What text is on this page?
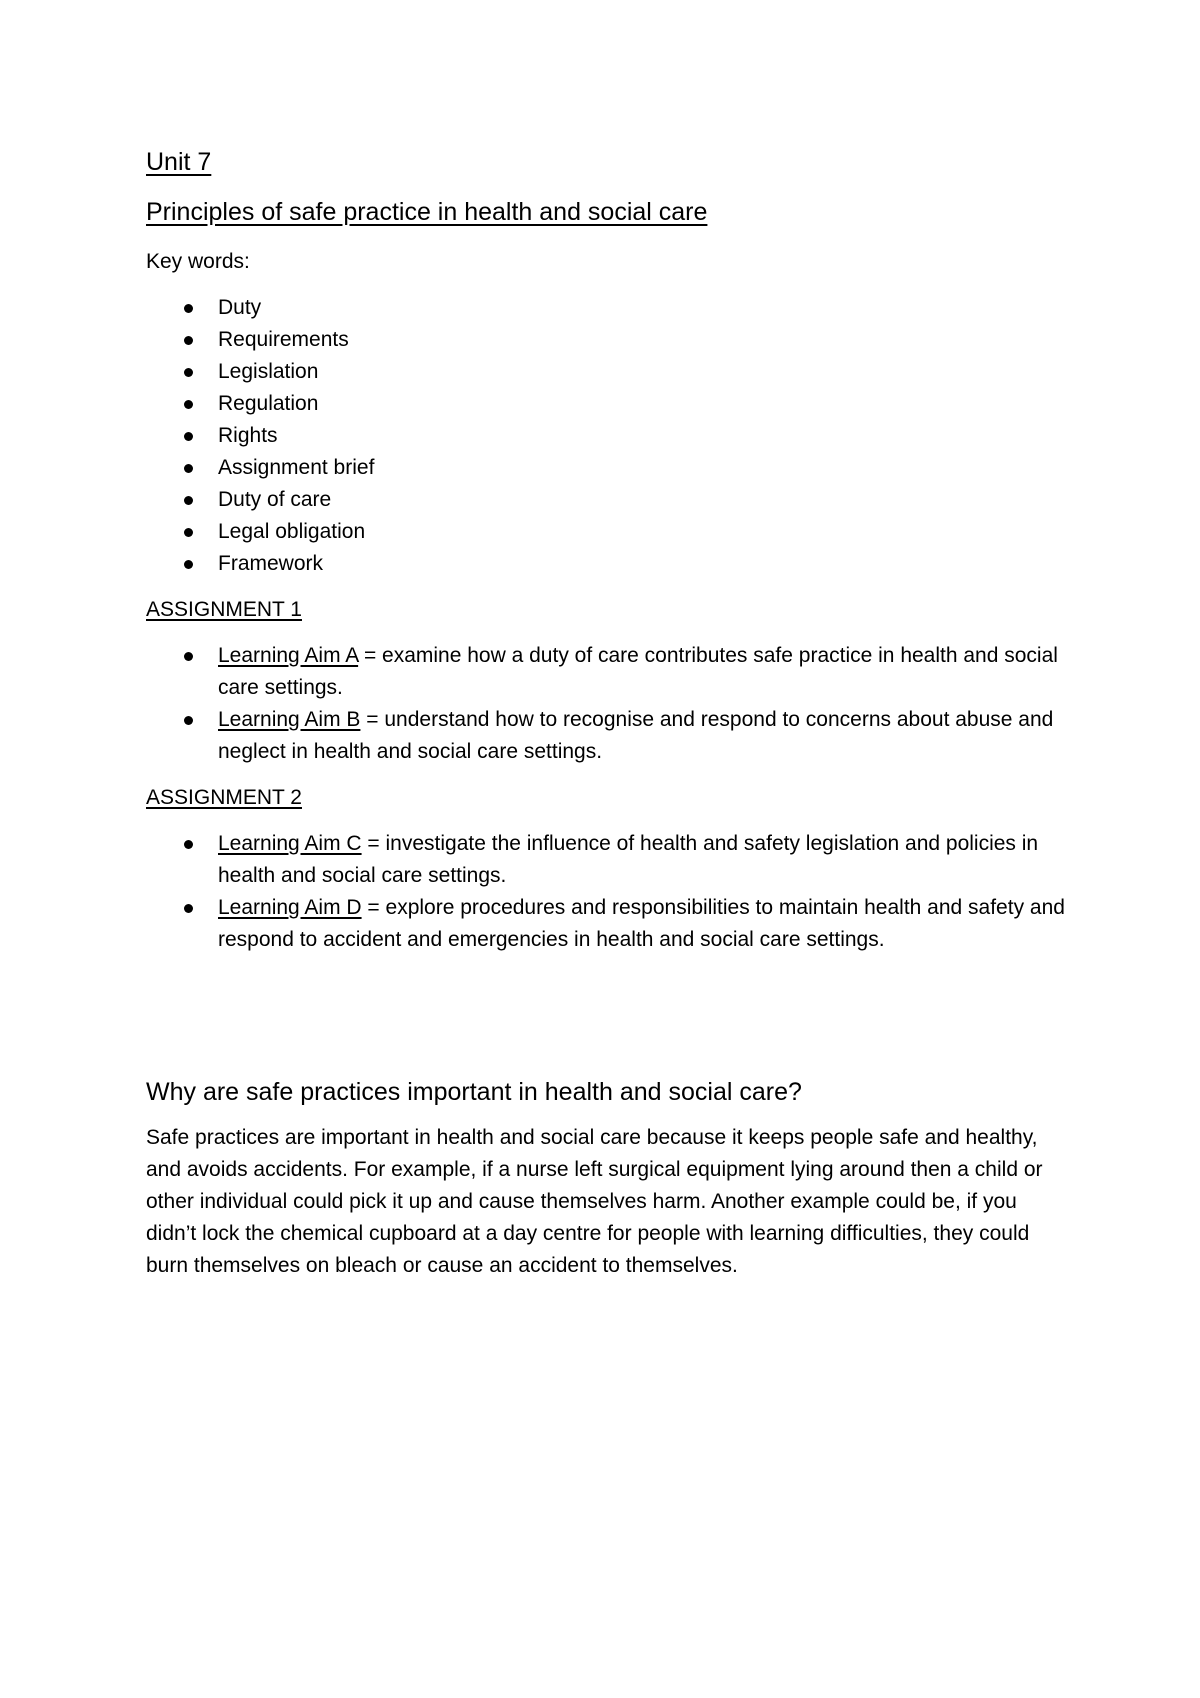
Unit 7
Principles of safe practice in health and social care

Key words:

Duty
Requirements
Legislation
Regulation
Rights
Assignment brief
Duty of care
Legal obligation
Framework

ASSIGNMENT 1

Learning Aim A = examine how a duty of care contributes safe practice in health and social care settings.
Learning Aim B = understand how to recognise and respond to concerns about abuse and neglect in health and social care settings.

ASSIGNMENT 2

Learning Aim C = investigate the influence of health and safety legislation and policies in health and social care settings.
Learning Aim D = explore procedures and responsibilities to maintain health and safety and respond to accident and emergencies in health and social care settings.
Why are safe practices important in health and social care?

Safe practices are important in health and social care because it keeps people safe and healthy, and avoids accidents. For example, if a nurse left surgical equipment lying around then a child or other individual could pick it up and cause themselves harm. Another example could be, if you didn’t lock the chemical cupboard at a day centre for people with learning difficulties, they could burn themselves on bleach or cause an accident to themselves.
